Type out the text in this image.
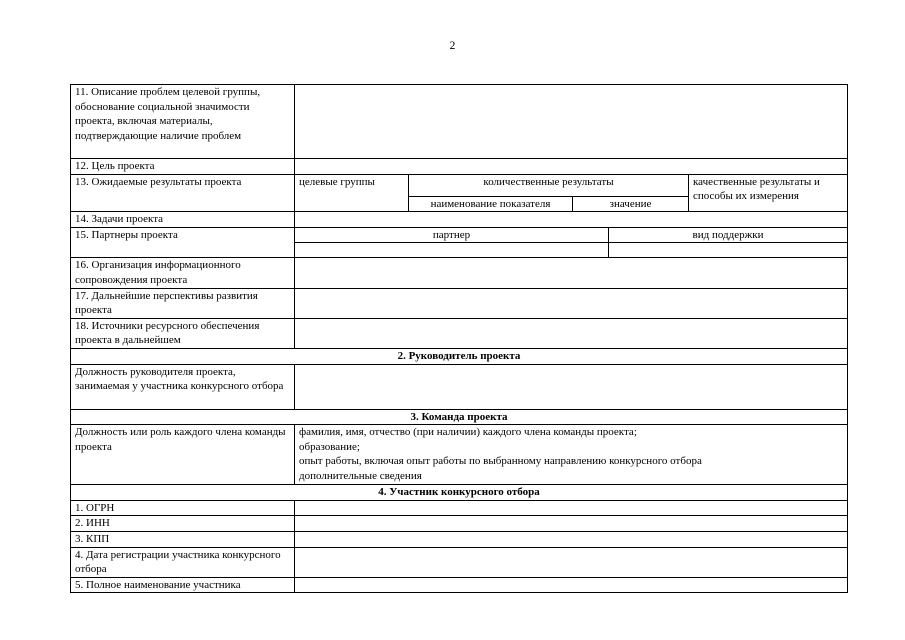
2
11. Описание проблем целевой группы, обоснование социальной значимости проекта, включая материалы, подтверждающие наличие проблем					
12. Цель проекта					
13. Ожидаемые результаты проекта	целевые группы	количественные результаты			качественные результаты и способы их измерения
		наименование показателя	значение		
14. Задачи проекта					
15. Партнеры проекта	партнер			вид поддержки	

16. Организация информационного сопровождения проекта					
17. Дальнейшие перспективы развития проекта					
18. Источники ресурсного обеспечения проекта в дальнейшем					
2. Руководитель проекта					
Должность руководителя проекта, занимаемая у участника конкурсного отбора					
3. Команда проекта					
Должность или роль каждого члена команды проекта	фамилия, имя, отчество (при наличии) каждого члена команды проекта;
образование;
опыт работы, включая опыт работы по выбранному направлению конкурсного отбора
дополнительные сведения				

4. Участник конкурсного отбора					
1. ОГРН					
2. ИНН					
3. КПП					
4. Дата регистрации участника конкурсного отбора					
5. Полное наименование участника					
